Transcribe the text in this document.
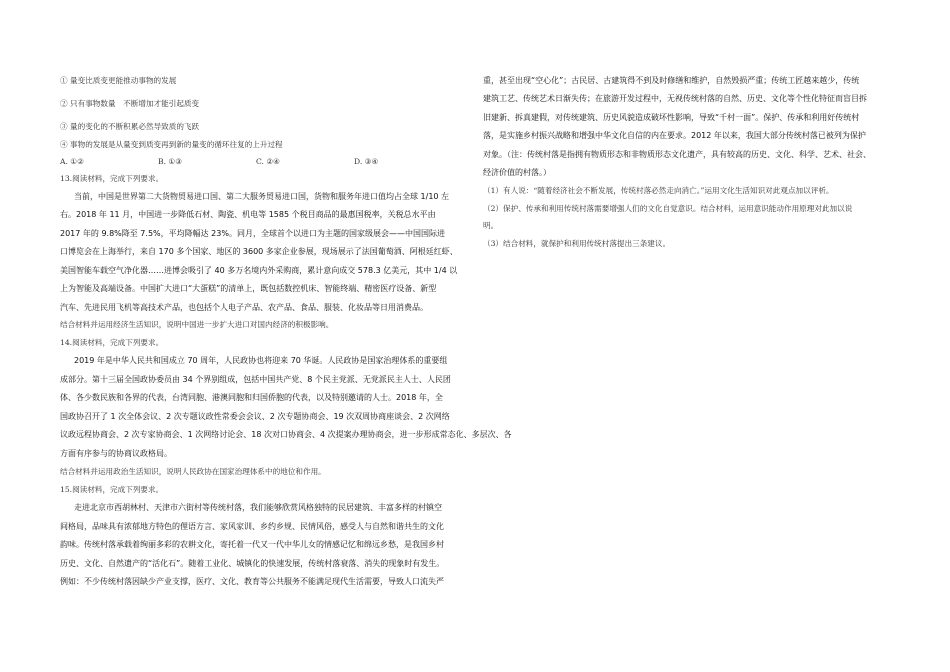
① 量变比质变更能推动事物的发展
② 只有事物数量　不断增加才能引起质变
③ 量的变化的不断积累必然导致质的飞跃
④ 事物的发展是从量变到质变再到新的量变的循环往复的上升过程
A. ①②	B. ①③	C. ②④	D. ③④
13.阅读材料，完成下列要求。
当前，中国是世界第二大货物贸易进口国、第二大服务贸易进口国，货物和服务年进口值均占全球 1/10 左
右。2018 年 11 月，中国进一步降低石材、陶瓷、机电等 1585 个税目商品的最惠国税率，关税总水平由
2017 年的 9.8%降至 7.5%，平均降幅达 23%。同月，全球首个以进口为主题的国家级展会——中国国际进
口博览会在上海举行，来自 170 多个国家、地区的 3600 多家企业参展，现场展示了法国葡萄酒、阿根廷红虾、
美国智能车载空气净化器……进博会吸引了 40 多万名境内外采购商，累计意向成交 578.3 亿美元，其中 1/4 以
上为智能及高端设备。中国扩大进口“大蛋糕”的清单上，既包括数控机床、智能终端、精密医疗设备、新型
汽车、先进民用飞机等高技术产品，也包括个人电子产品、农产品、食品、服装、化妆品等日用消费品。
结合材料并运用经济生活知识，说明中国进一步扩大进口对国内经济的积极影响。
14.阅读材料，完成下列要求。
2019 年是中华人民共和国成立 70 周年，人民政协也将迎来 70 华诞。人民政协是国家治理体系的重要组
成部分。第十三届全国政协委员由 34 个界别组成，包括中国共产党、8 个民主党派、无党派民主人士、人民团
体、各少数民族和各界的代表，台湾同胞、港澳同胞和归国侨胞的代表，以及特别邀请的人士。2018 年，全
国政协召开了 1 次全体会议、2 次专题议政性常委会会议、2 次专题协商会、19 次双周协商座谈会、2 次网络
议政远程协商会、2 次专家协商会、1 次网络讨论会、18 次对口协商会、4 次提案办理协商会，进一步形成常态化、多层次、各
方面有序参与的协商议政格局。
结合材料并运用政治生活知识，说明人民政协在国家治理体系中的地位和作用。
15.阅读材料，完成下列要求。
走进北京市西胡林村、天津市六街村等传统村落，我们能够欣赏风格独特的民居建筑、丰富多样的村镇空
间格局，品味具有浓郁地方特色的俚语方言、家风家训、乡约乡规、民情风俗，感受人与自然和谐共生的文化
韵味。传统村落承载着绚丽多彩的农耕文化，寄托着一代又一代中华儿女的情感记忆和绵远乡愁，是我国乡村
历史、文化、自然遗产的“活化石”。随着工业化、城镇化的快速发展，传统村落衰落、消失的现象时有发生。
例如：不少传统村落因缺少产业支撑，医疗、文化、教育等公共服务不能满足现代生活需要，导致人口流失严
重，甚至出现“空心化”；古民居、古建筑得不到及时修缮和维护，自然毁损严重；传统工匠越来越少，传统
建筑工艺、传统艺术日渐失传；在旅游开发过程中，无视传统村落的自然、历史、文化等个性化特征而盲目拆
旧建新、拆真建假，对传统建筑、历史风貌造成破坏性影响，导致“千村一面”。保护、传承和利用好传统村
落，是实施乡村振兴战略和增强中华文化自信的内在要求。2012 年以来，我国大部分传统村落已被列为保护
对象。（注：传统村落是指拥有物质形态和非物质形态文化遗产，具有较高的历史、文化、科学、艺术、社会、
经济价值的村落。）
（1）有人说：“随着经济社会不断发展，传统村落必然走向消亡。”运用文化生活知识对此观点加以评析。
（2）保护、传承和利用传统村落需要增强人们的文化自觉意识。结合材料，运用意识能动作用原理对此加以说
明。
（3）结合材料，就保护和利用传统村落提出三条建议。
